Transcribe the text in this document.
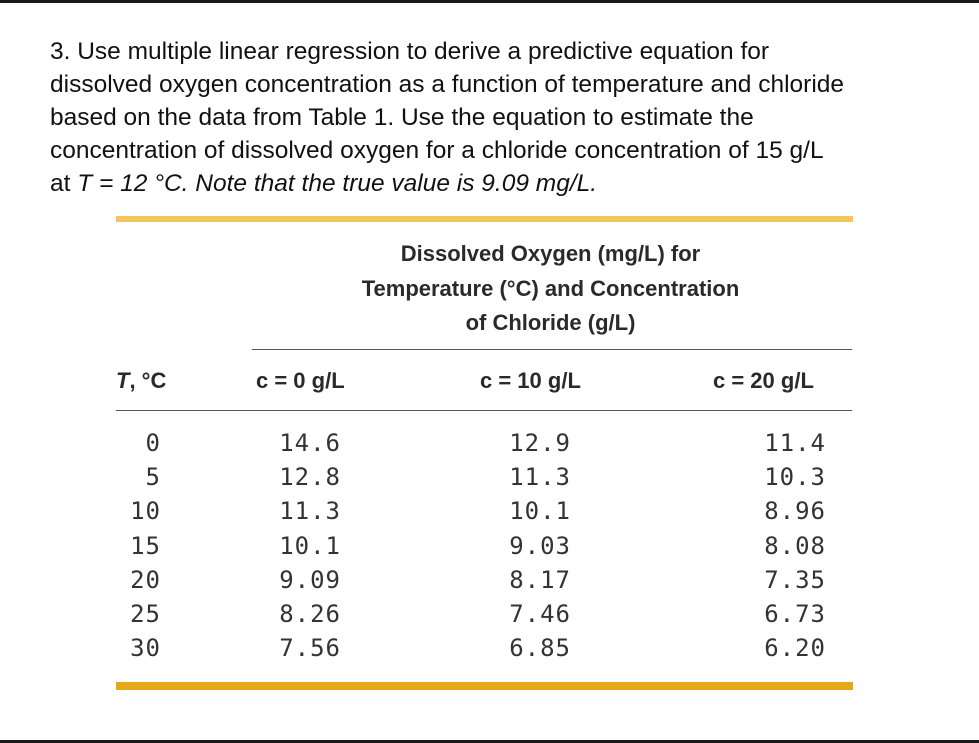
3. Use multiple linear regression to derive a predictive equation for
dissolved oxygen concentration as a function of temperature and chloride
based on the data from Table 1. Use the equation to estimate the
concentration of dissolved oxygen for a chloride concentration of 15 g/L
at T = 12 °C. Note that the true value is 9.09 mg/L.
Dissolved Oxygen (mg/L) for
Temperature (°C) and Concentration
of Chloride (g/L)
T, °C	c = 0 g/L	c = 10 g/L	c = 20 g/L
0	14.6	12.9	11.4
5	12.8	11.3	10.3
10	11.3	10.1	8.96
15	10.1	9.03	8.08
20	9.09	8.17	7.35
25	8.26	7.46	6.73
30	7.56	6.85	6.20
